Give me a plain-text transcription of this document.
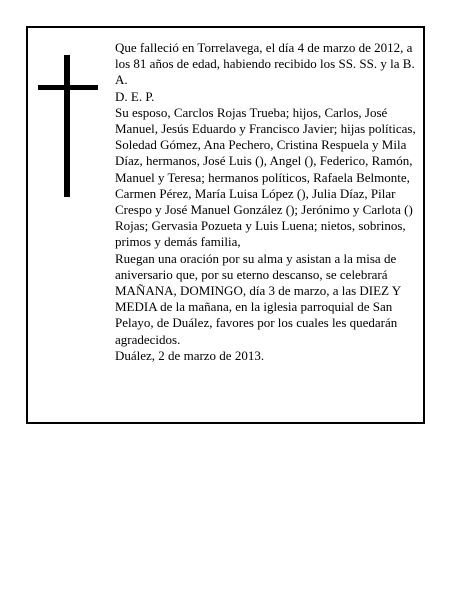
Que falleció en Torrelavega, el día 4 de marzo de 2012, a los 81 años de edad, habiendo recibido los SS. SS. y la B. A.

D. E. P.

Su esposo, Carclos Rojas Trueba; hijos, Carlos, José Manuel, Jesús Eduardo y Francisco Javier; hijas políticas, Soledad Gómez, Ana Pechero, Cristina Respuela y Mila Díaz, hermanos, José Luis (), Angel (), Federico, Ramón, Manuel y Teresa; hermanos políticos, Rafaela Belmonte, Carmen Pérez, María Luisa López (), Julia Díaz, Pilar Crespo y José Manuel González (); Jerónimo y Carlota () Rojas; Gervasia Pozueta y Luis Luena; nietos, sobrinos, primos y demás familia,

Ruegan una oración por su alma y asistan a la misa de aniversario que, por su eterno descanso, se celebrará MAÑANA, DOMINGO, día 3 de marzo, a las DIEZ Y MEDIA de la mañana, en la iglesia parroquial de San Pelayo, de Duález, favores por los cuales les quedarán agradecidos.

Duález, 2 de marzo de 2013.
